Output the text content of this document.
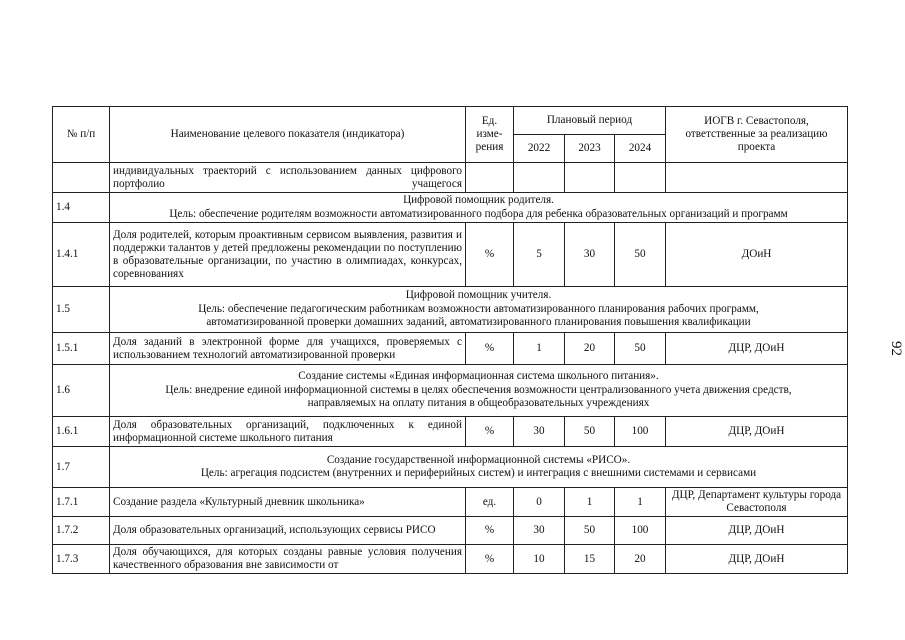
92
№ п/п	Наименование целевого показателя (индикатора)	Ед. изме- рения	Плановый период			ИОГВ г. Севастополя, ответственные за реализацию проекта
			2022	2023	2024	
	индивидуальных траекторий с использованием данных цифрового портфолио учащегося					
1.4	Цифровой помощник родителя.
Цель: обеспечение родителям возможности автоматизированного подбора для ребенка образовательных организаций и программ					

1.4.1	Доля родителей, которым проактивным сервисом выявления, развития и поддержки талантов у детей предложены рекомендации по поступлению в образовательные организации, по участию в олимпиадах, конкурсах, соревнованиях	%	5	30	50	ДОиН
1.5	Цифровой помощник учителя.
Цель: обеспечение педагогическим работникам возможности автоматизированного планирования рабочих программ,
автоматизированной проверки домашних заданий, автоматизированного планирования повышения квалификации					

1.5.1	Доля заданий в электронной форме для учащихся, проверяемых с использованием технологий автоматизированной проверки	%	1	20	50	ДЦР, ДОиН
1.6	Создание системы «Единая информационная система школьного питания».
Цель: внедрение единой информационной системы в целях обеспечения возможности централизованного учета движения средств,
направляемых на оплату питания в общеобразовательных учреждениях					

1.6.1	Доля образовательных организаций, подключенных к единой информационной системе школьного питания	%	30	50	100	ДЦР, ДОиН
1.7	Создание государственной информационной системы «РИСО».
Цель: агрегация подсистем (внутренних и периферийных систем) и интеграция с внешними системами и сервисами					

1.7.1	Создание раздела «Культурный дневник школьника»	ед.	0	1	1	ДЦР, Департамент культуры города Севастополя
1.7.2	Доля образовательных организаций, использующих сервисы РИСО	%	30	50	100	ДЦР, ДОиН
1.7.3	Доля обучающихся, для которых созданы равные условия получения качественного образования вне зависимости от	%	10	15	20	ДЦР, ДОиН
